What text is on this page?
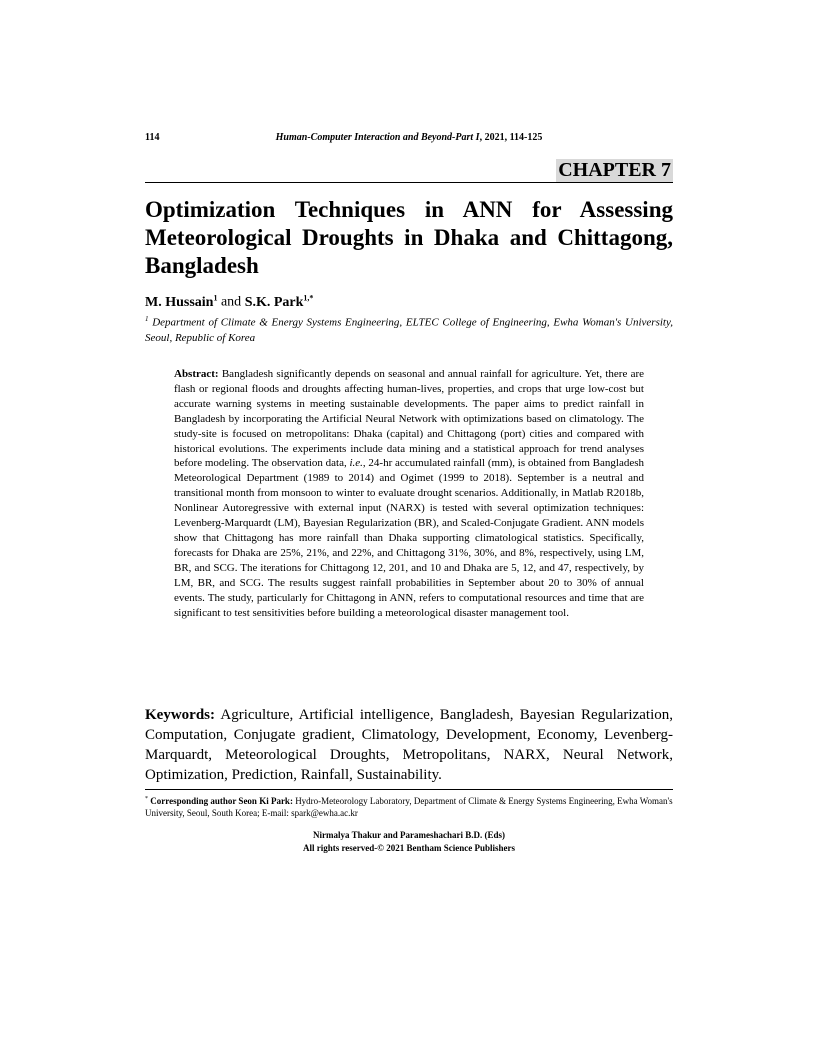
114	Human-Computer Interaction and Beyond-Part I, 2021, 114-125
CHAPTER 7
Optimization Techniques in ANN for Assessing Meteorological Droughts in Dhaka and Chittagong, Bangladesh
M. Hussain$^1$ and S.K. Park$^{1,*}$
$^1$ Department of Climate & Energy Systems Engineering, ELTEC College of Engineering, Ewha Woman's University, Seoul, Republic of Korea
Abstract: Bangladesh significantly depends on seasonal and annual rainfall for agriculture. Yet, there are flash or regional floods and droughts affecting human-lives, properties, and crops that urge low-cost but accurate warning systems in meeting sustainable developments. The paper aims to predict rainfall in Bangladesh by incorporating the Artificial Neural Network with optimizations based on climatology. The study-site is focused on metropolitans: Dhaka (capital) and Chittagong (port) cities and compared with historical evolutions. The experiments include data mining and a statistical approach for trend analyses before modeling. The observation data, i.e., 24-hr accumulated rainfall (mm), is obtained from Bangladesh Meteorological Department (1989 to 2014) and Ogimet (1999 to 2018). September is a neutral and transitional month from monsoon to winter to evaluate drought scenarios. Additionally, in Matlab R2018b, Nonlinear Autoregressive with external input (NARX) is tested with several optimization techniques: Levenberg-Marquardt (LM), Bayesian Regularization (BR), and Scaled-Conjugate Gradient. ANN models show that Chittagong has more rainfall than Dhaka supporting climatological statistics. Specifically, forecasts for Dhaka are 25%, 21%, and 22%, and Chittagong 31%, 30%, and 8%, respectively, using LM, BR, and SCG. The iterations for Chittagong 12, 201, and 10 and Dhaka are 5, 12, and 47, respectively, by LM, BR, and SCG. The results suggest rainfall probabilities in September about 20 to 30% of annual events. The study, particularly for Chittagong in ANN, refers to computational resources and time that are significant to test sensitivities before building a meteorological disaster management tool.
Keywords: Agriculture, Artificial intelligence, Bangladesh, Bayesian Regularization, Computation, Conjugate gradient, Climatology, Development, Economy, Levenberg-Marquardt, Meteorological Droughts, Metropolitans, NARX, Neural Network, Optimization, Prediction, Rainfall, Sustainability.
* Corresponding author Seon Ki Park: Hydro-Meteorology Laboratory, Department of Climate & Energy Systems Engineering, Ewha Woman's University, Seoul, South Korea; E-mail: spark@ewha.ac.kr
Nirmalya Thakur and Parameshachari B.D. (Eds)
All rights reserved-© 2021 Bentham Science Publishers
